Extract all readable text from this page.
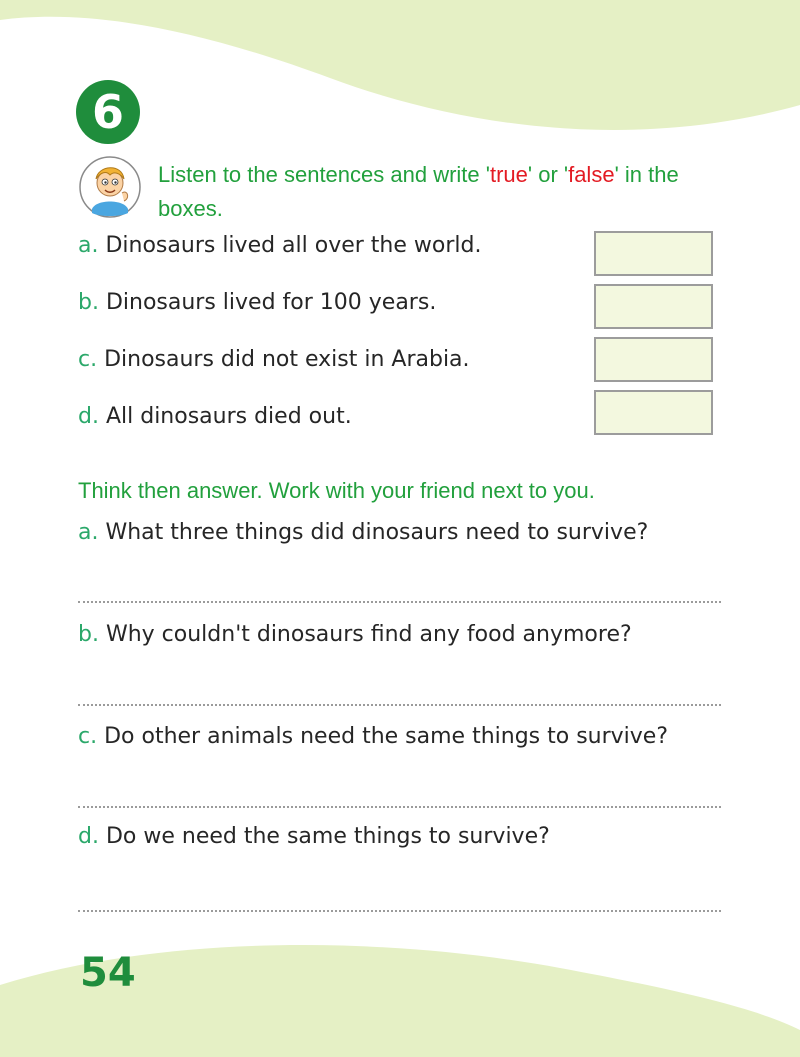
6
Listen to the sentences and write 'true' or 'false' in the boxes.
a. Dinosaurs lived all over the world.
b. Dinosaurs lived for 100 years.
c. Dinosaurs did not exist in Arabia.
d. All dinosaurs died out.
Think then answer. Work with your friend next to you.
a. What three things did dinosaurs need to survive?
b. Why couldn't dinosaurs find any food anymore?
c. Do other animals need the same things to survive?
d. Do we need the same things to survive?
54
